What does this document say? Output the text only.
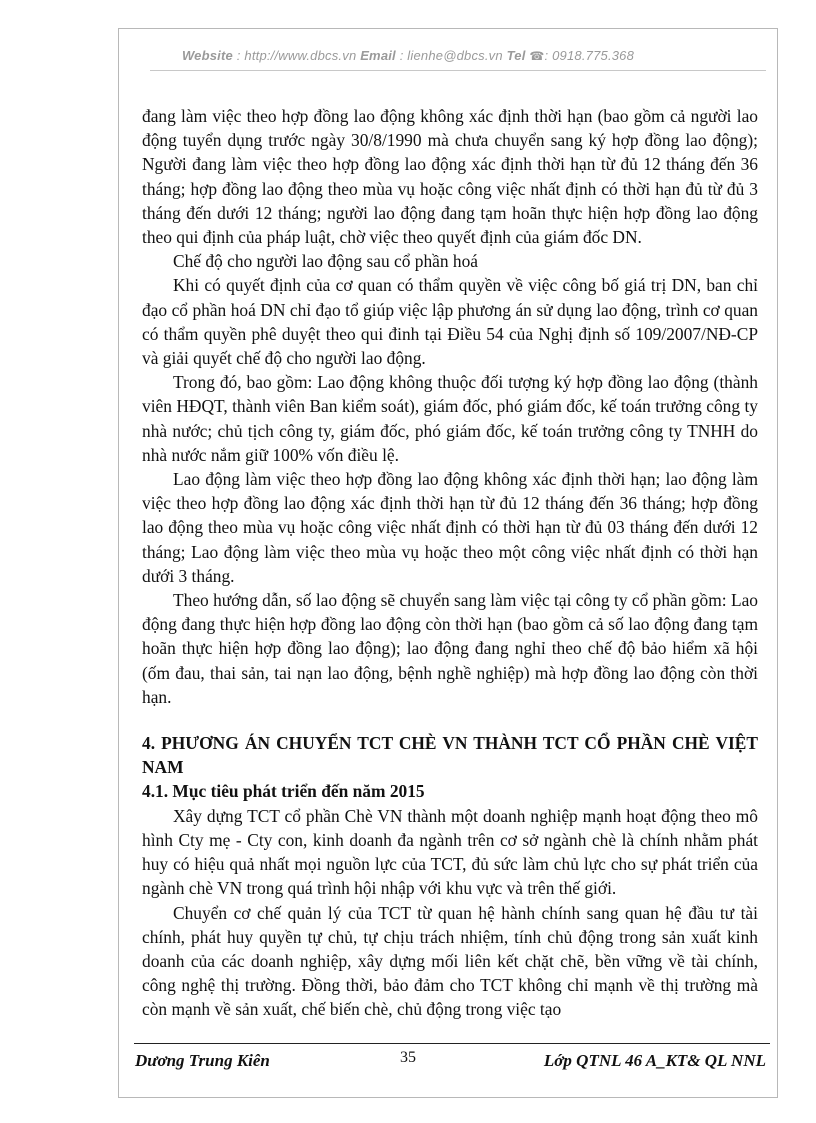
Website : http://www.dbcs.vn Email : lienhe@dbcs.vn Tel ☎: 0918.775.368

đang làm việc theo hợp đồng lao động không xác định thời hạn (bao gồm cả người lao động tuyển dụng trước ngày 30/8/1990 mà chưa chuyển sang ký hợp đồng lao động); Người đang làm việc theo hợp đồng lao động xác định thời hạn từ đủ 12 tháng đến 36 tháng; hợp đồng lao động theo mùa vụ hoặc công việc nhất định có thời hạn đủ từ đủ 3 tháng đến dưới 12 tháng; người lao động đang tạm hoãn thực hiện hợp đồng lao động theo qui định của pháp luật, chờ việc theo quyết định của giám đốc DN.

Chế độ cho người lao động sau cổ phần hoá

Khi có quyết định của cơ quan có thẩm quyền về việc công bố giá trị DN, ban chỉ đạo cổ phần hoá DN chỉ đạo tổ giúp việc lập phương án sử dụng lao động, trình cơ quan có thẩm quyền phê duyệt theo qui đinh tại Điều 54 của Nghị định số 109/2007/NĐ-CP và giải quyết chế độ cho người lao động.

Trong đó, bao gồm: Lao động không thuộc đối tượng ký hợp đồng lao động (thành viên HĐQT, thành viên Ban kiểm soát), giám đốc, phó giám đốc, kế toán trưởng công ty nhà nước; chủ tịch công ty, giám đốc, phó giám đốc, kế toán trưởng công ty TNHH do nhà nước nắm giữ 100% vốn điều lệ.

Lao động làm việc theo hợp đồng lao động không xác định thời hạn; lao động làm việc theo hợp đồng lao động xác định thời hạn từ đủ 12 tháng đến 36 tháng; hợp đồng lao động theo mùa vụ hoặc công việc nhất định có thời hạn từ đủ 03 tháng đến dưới 12 tháng; Lao động làm việc theo mùa vụ hoặc theo một công việc nhất định có thời hạn dưới 3 tháng.

Theo hướng dẫn, số lao động sẽ chuyển sang làm việc tại công ty cổ phần gồm: Lao động đang thực hiện hợp đồng lao động còn thời hạn (bao gồm cả số lao động đang tạm hoãn thực hiện hợp đồng lao động); lao động đang nghỉ theo chế độ bảo hiểm xã hội (ốm đau, thai sản, tai nạn lao động, bệnh nghề nghiệp) mà hợp đồng lao động còn thời hạn.

4. PHƯƠNG ÁN CHUYỂN TCT CHÈ VN THÀNH TCT CỔ PHẦN CHÈ VIỆT NAM

4.1. Mục tiêu phát triển đến năm 2015

Xây dựng TCT cổ phần Chè VN thành một doanh nghiệp mạnh hoạt động theo mô hình Cty mẹ - Cty con, kinh doanh đa ngành trên cơ sở ngành chè là chính nhằm phát huy có hiệu quả nhất mọi nguồn lực của TCT, đủ sức làm chủ lực cho sự phát triển của ngành chè VN trong quá trình hội nhập với khu vực và trên thế giới.

Chuyển cơ chế quản lý của TCT từ quan hệ hành chính sang quan hệ đầu tư tài chính, phát huy quyền tự chủ, tự chịu trách nhiệm, tính chủ động trong sản xuất kinh doanh của các doanh nghiệp, xây dựng mối liên kết chặt chẽ, bền vững về tài chính, công nghệ thị trường. Đồng thời, bảo đảm cho TCT không chỉ mạnh về thị trường mà còn mạnh về sản xuất, chế biến chè, chủ động trong việc tạo

Dương Trung Kiên	35	Lớp QTNL 46 A_KT& QL NNL
